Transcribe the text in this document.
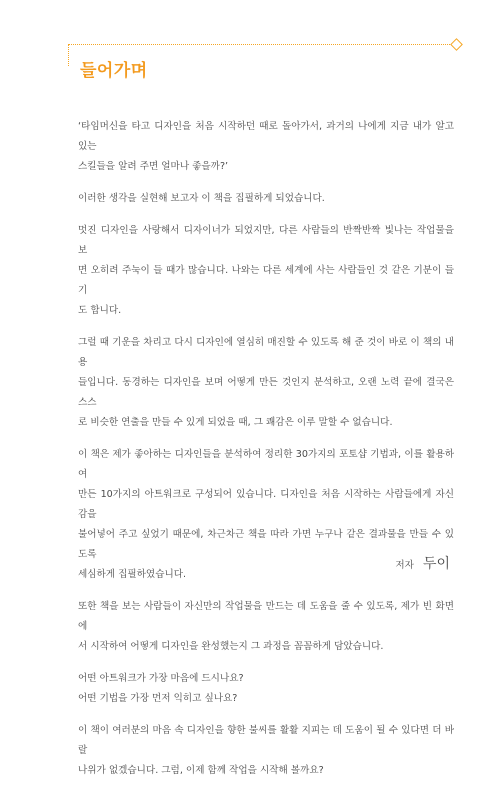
들어가며

‘타임머신을 타고 디자인을 처음 시작하던 때로 돌아가서, 과거의 나에게 지금 내가 알고 있는
스킬들을 알려 주면 얼마나 좋을까?’

이러한 생각을 실현해 보고자 이 책을 집필하게 되었습니다.

멋진 디자인을 사랑해서 디자이너가 되었지만, 다른 사람들의 반짝반짝 빛나는 작업물을 보
면 오히려 주눅이 들 때가 많습니다. 나와는 다른 세계에 사는 사람들인 것 같은 기분이 들기
도 합니다.

그럴 때 기운을 차리고 다시 디자인에 열심히 매진할 수 있도록 해 준 것이 바로 이 책의 내용
들입니다. 동경하는 디자인을 보며 어떻게 만든 것인지 분석하고, 오랜 노력 끝에 결국은 스스
로 비슷한 연출을 만들 수 있게 되었을 때, 그 쾌감은 이루 말할 수 없습니다.

이 책은 제가 좋아하는 디자인들을 분석하여 정리한 30가지의 포토샵 기법과, 이를 활용하여
만든 10가지의 아트워크로 구성되어 있습니다. 디자인을 처음 시작하는 사람들에게 자신감을
불어넣어 주고 싶었기 때문에, 차근차근 책을 따라 가면 누구나 같은 결과물을 만들 수 있도록
세심하게 집필하였습니다.

또한 책을 보는 사람들이 자신만의 작업물을 만드는 데 도움을 줄 수 있도록, 제가 빈 화면에
서 시작하여 어떻게 디자인을 완성했는지 그 과정을 꼼꼼하게 담았습니다.

어떤 아트워크가 가장 마음에 드시나요?
어떤 기법을 가장 먼저 익히고 싶나요?

이 책이 여러분의 마음 속 디자인을 향한 불씨를 활활 지피는 데 도움이 될 수 있다면 더 바랄
나위가 없겠습니다. 그럼, 이제 함께 작업을 시작해 볼까요?

저자 두이
